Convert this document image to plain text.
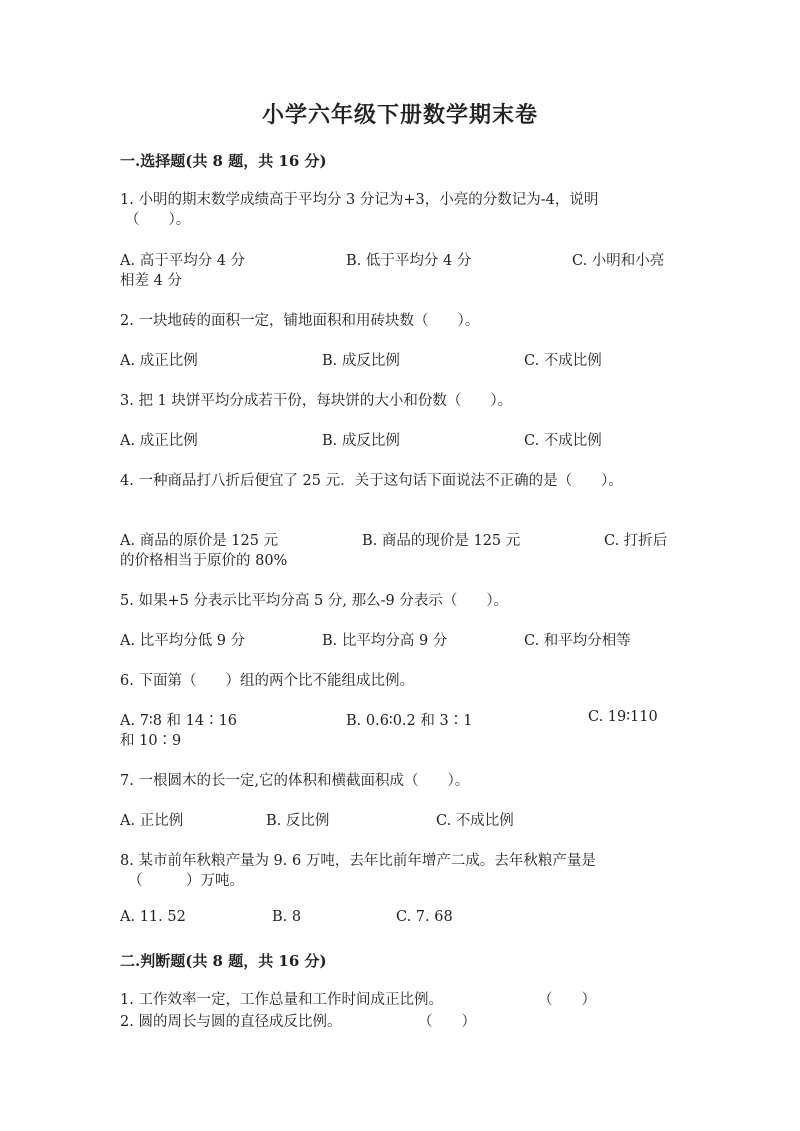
小学六年级下册数学期末卷
一.选择题(共 8 题，共 16 分)
1. 小明的期末数学成绩高于平均分 3 分记为+3，小亮的分数记为-4，说明
（　　）。
A. 高于平均分 4 分	B. 低于平均分 4 分	C. 小明和小亮
相差 4 分
2. 一块地砖的面积一定，铺地面积和用砖块数（　　）。
A. 成正比例	B. 成反比例	C. 不成比例
3. 把 1 块饼平均分成若干份，每块饼的大小和份数（　　）。
A. 成正比例	B. 成反比例	C. 不成比例
4. 一种商品打八折后便宜了 25 元．关于这句话下面说法不正确的是（　　）。
A. 商品的原价是 125 元	B. 商品的现价是 125 元	C. 打折后
的价格相当于原价的 80%
5. 如果+5 分表示比平均分高 5 分, 那么-9 分表示（　　）。
A. 比平均分低 9 分	B. 比平均分高 9 分	C. 和平均分相等
6. 下面第（　　）组的两个比不能组成比例。
A. 7∶8 和 14∶16	B. 0.6∶0.2 和 3∶1	C. 19∶110
和 10∶9
7. 一根圆木的长一定,它的体积和横截面积成（　　）。
A. 正比例	B. 反比例	C. 不成比例
8. 某市前年秋粮产量为 9. 6 万吨，去年比前年增产二成。去年秋粮产量是
（　　　）万吨。
A. 11. 52	B. 8	C. 7. 68
二.判断题(共 8 题，共 16 分)
1. 工作效率一定，工作总量和工作时间成正比例。	（　　）
2. 圆的周长与圆的直径成反比例。	（　　）
